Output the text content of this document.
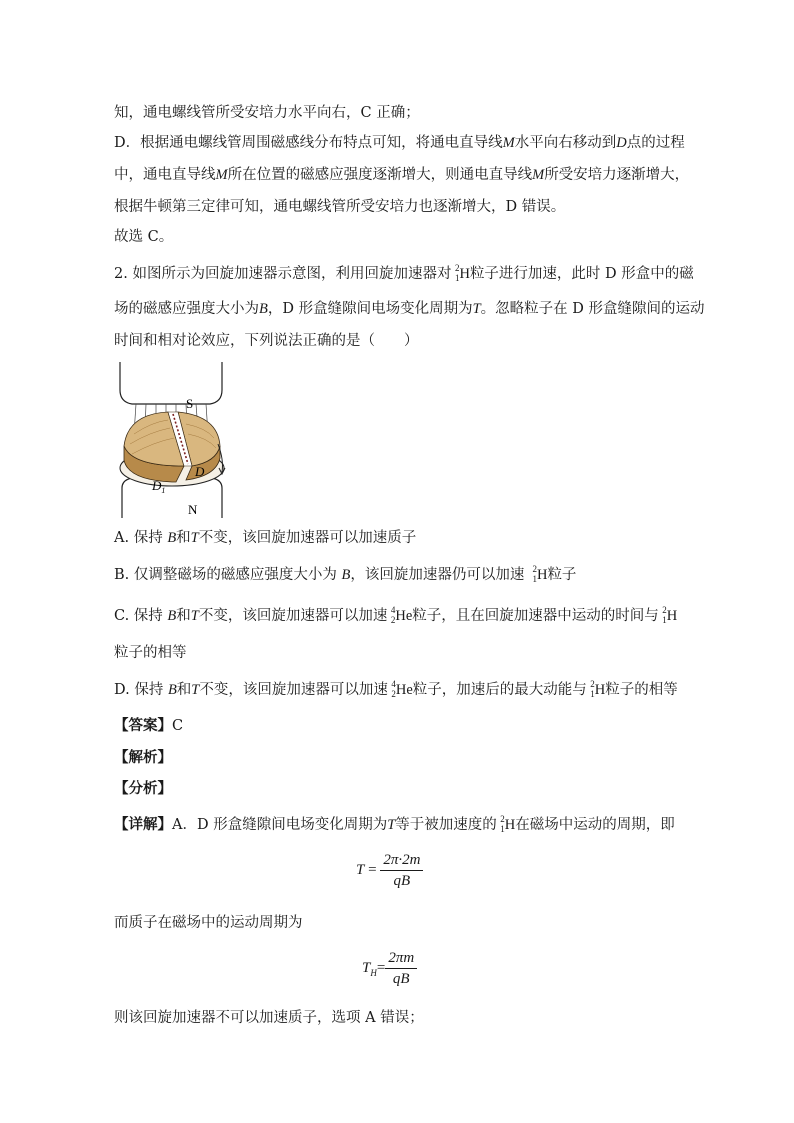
知，通电螺线管所受安培力水平向右，C 正确；
D．根据通电螺线管周围磁感线分布特点可知，将通电直导线M水平向右移动到D点的过程
中，通电直导线M所在位置的磁感应强度逐渐增大，则通电直导线M所受安培力逐渐增大，
根据牛顿第三定律可知，通电螺线管所受安培力也逐渐增大，D 错误。
故选 C。
2. 如图所示为回旋加速器示意图，利用回旋加速器对 2
1 H粒子进行加速，此时 D 形盒中的磁
场的磁感应强度大小为B，D 形盒缝隙间电场变化周期为T。忽略粒子在 D 形盒缝隙间的运动
时间和相对论效应，下列说法正确的是（　　）
S
N
$D_1$
D
A. 保持 B和T不变，该回旋加速器可以加速质子
B. 仅调整磁场的磁感应强度大小为 B，该回旋加速器仍可以加速 2
1 H粒子
C. 保持 B和T不变，该回旋加速器可以加速 4
2 He粒子，且在回旋加速器中运动的时间与 2
1 H
粒子的相等
D. 保持 B和T不变，该回旋加速器可以加速 4
2 He粒子，加速后的最大动能与 2
1 H粒子的相等
【答案】C
【解析】
【分析】
【详解】A．D 形盒缝隙间电场变化周期为T等于被加速度的 2
1 H在磁场中运动的周期，即
$T = \frac{2\pi\cdot 2m}{qB}$
而质子在磁场中的运动周期为
$T_H= \frac{2\pi m}{qB}$
则该回旋加速器不可以加速质子，选项 A 错误；
